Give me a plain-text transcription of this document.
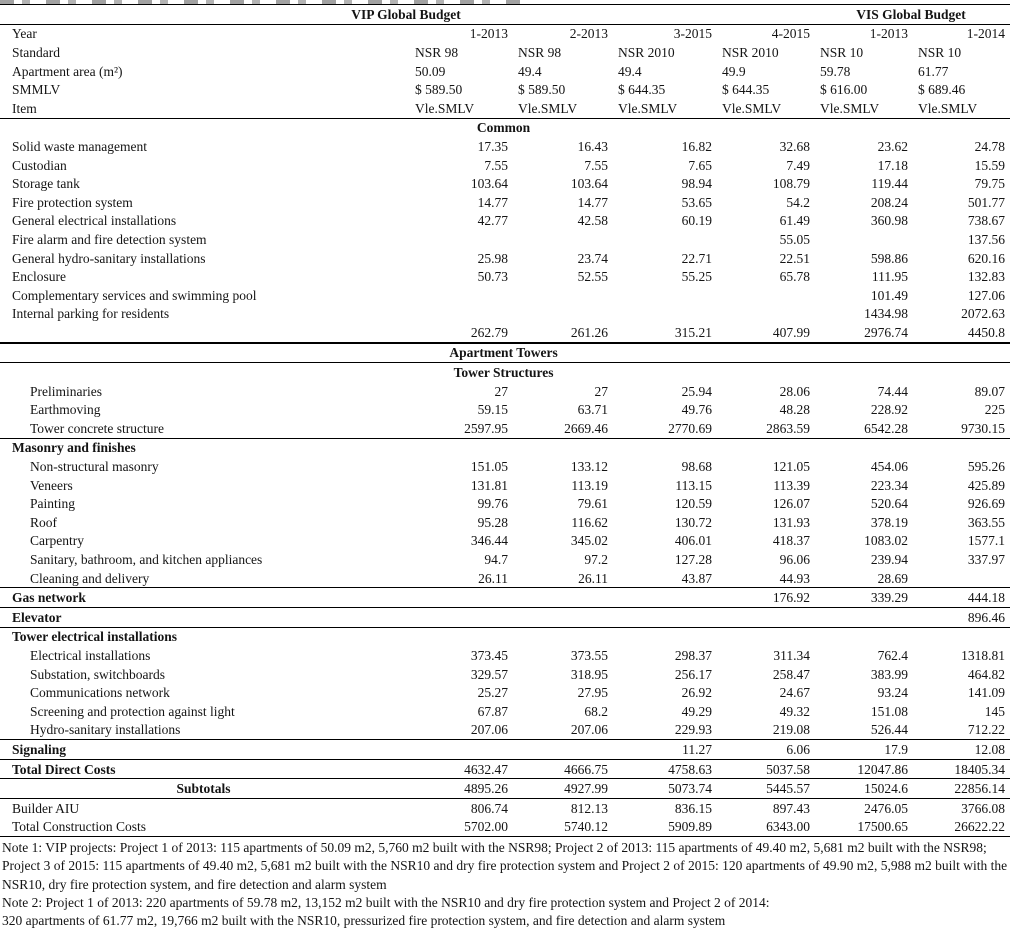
VIP Global Budget					VIS Global Budget	
Year	1-2013	2-2013	3-2015	4-2015	1-2013	1-2014
Standard	NSR 98	NSR 98	NSR 2010	NSR 2010	NSR 10	NSR 10
Apartment area (m²)	50.09	49.4	49.4	49.9	59.78	61.77
SMMLV	$ 589.50	$ 589.50	$ 644.35	$ 644.35	$ 616.00	$ 689.46
Item	Vle.SMLV	Vle.SMLV	Vle.SMLV	Vle.SMLV	Vle.SMLV	Vle.SMLV
Common						
Solid waste management	17.35	16.43	16.82	32.68	23.62	24.78
Custodian	7.55	7.55	7.65	7.49	17.18	15.59
Storage tank	103.64	103.64	98.94	108.79	119.44	79.75
Fire protection system	14.77	14.77	53.65	54.2	208.24	501.77
General electrical installations	42.77	42.58	60.19	61.49	360.98	738.67
Fire alarm and fire detection system				55.05		137.56
General hydro-sanitary installations	25.98	23.74	22.71	22.51	598.86	620.16
Enclosure	50.73	52.55	55.25	65.78	111.95	132.83
Complementary services and swimming pool					101.49	127.06
Internal parking for residents					1434.98	2072.63
	262.79	261.26	315.21	407.99	2976.74	4450.8
Apartment Towers						
Tower Structures						
Preliminaries	27	27	25.94	28.06	74.44	89.07
Earthmoving	59.15	63.71	49.76	48.28	228.92	225
Tower concrete structure	2597.95	2669.46	2770.69	2863.59	6542.28	9730.15
Masonry and finishes						
Non-structural masonry	151.05	133.12	98.68	121.05	454.06	595.26
Veneers	131.81	113.19	113.15	113.39	223.34	425.89
Painting	99.76	79.61	120.59	126.07	520.64	926.69
Roof	95.28	116.62	130.72	131.93	378.19	363.55
Carpentry	346.44	345.02	406.01	418.37	1083.02	1577.1
Sanitary, bathroom, and kitchen appliances	94.7	97.2	127.28	96.06	239.94	337.97
Cleaning and delivery	26.11	26.11	43.87	44.93	28.69	
Gas network				176.92	339.29	444.18
Elevator						896.46
Tower electrical installations						
Electrical installations	373.45	373.55	298.37	311.34	762.4	1318.81
Substation, switchboards	329.57	318.95	256.17	258.47	383.99	464.82
Communications network	25.27	27.95	26.92	24.67	93.24	141.09
Screening and protection against light	67.87	68.2	49.29	49.32	151.08	145
Hydro-sanitary installations	207.06	207.06	229.93	219.08	526.44	712.22
Signaling			11.27	6.06	17.9	12.08
Total Direct Costs	4632.47	4666.75	4758.63	5037.58	12047.86	18405.34
Subtotals	4895.26	4927.99	5073.74	5445.57	15024.6	22856.14
Builder AIU	806.74	812.13	836.15	897.43	2476.05	3766.08
Total Construction Costs	5702.00	5740.12	5909.89	6343.00	17500.65	26622.22

Note 1: VIP projects: Project 1 of 2013: 115 apartments of 50.09 m2, 5,760 m2 built with the NSR98; Project 2 of 2013: 115 apartments of 49.40 m2, 5,681 m2 built with the NSR98; Project 3 of 2015: 115 apartments of 49.40 m2, 5,681 m2 built with the NSR10 and dry fire protection system and Project 2 of 2015: 120 apartments of 49.90 m2, 5,988 m2 built with the NSR10, dry fire protection system, and fire detection and alarm system

Note 2: Project 1 of 2013: 220 apartments of 59.78 m2, 13,152 m2 built with the NSR10 and dry fire protection system and Project 2 of 2014:
320 apartments of 61.77 m2, 19,766 m2 built with the NSR10, pressurized fire protection system, and fire detection and alarm system
